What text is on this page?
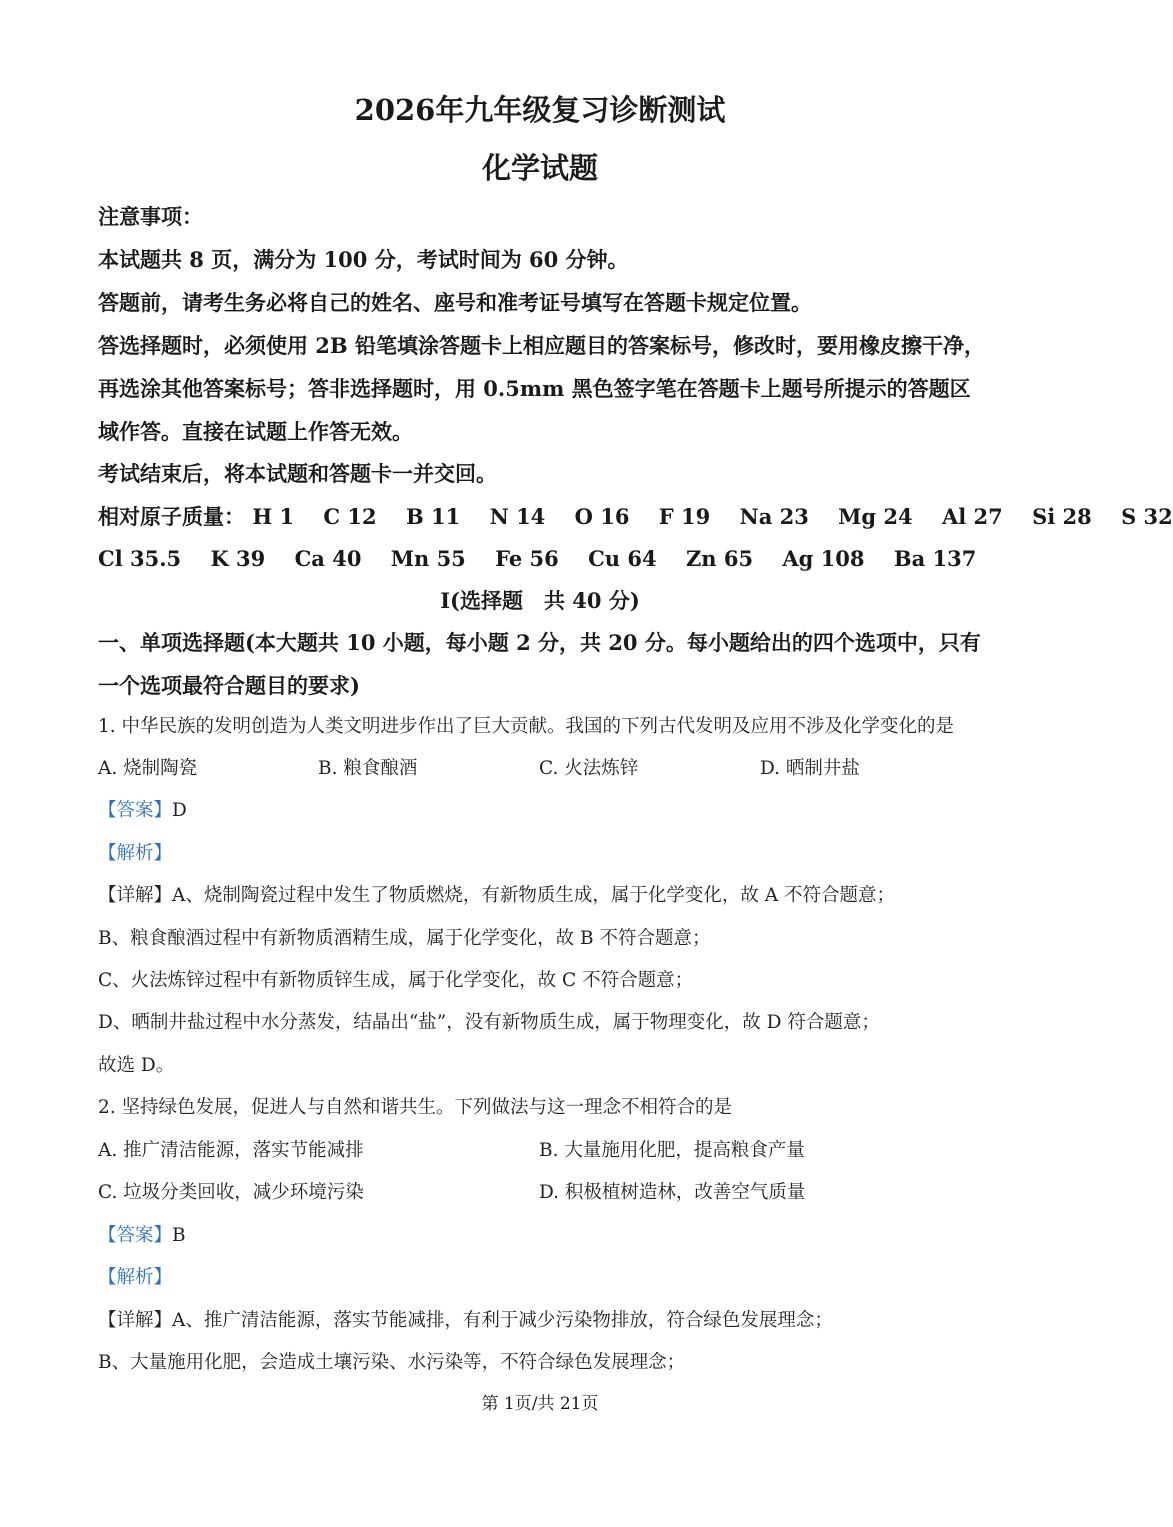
2026年九年级复习诊断测试
化学试题
注意事项：
本试题共 8 页，满分为 100 分，考试时间为 60 分钟。
答题前，请考生务必将自己的姓名、座号和准考证号填写在答题卡规定位置。
答选择题时，必须使用 2B 铅笔填涂答题卡上相应题目的答案标号，修改时，要用橡皮擦干净，
再选涂其他答案标号；答非选择题时，用 0.5mm 黑色签字笔在答题卡上题号所提示的答题区
域作答。直接在试题上作答无效。
考试结束后，将本试题和答题卡一并交回。
相对原子质量： H 1 C 12 B 11 N 14 O 16 F 19 Na 23 Mg 24 Al 27 Si 28 S 32
Cl 35.5 K 39 Ca 40 Mn 55 Fe 56 Cu 64 Zn 65 Ag 108 Ba 137
I(选择题　共 40 分)
一、单项选择题(本大题共 10 小题，每小题 2 分，共 20 分。每小题给出的四个选项中，只有
一个选项最符合题目的要求)
1. 中华民族的发明创造为人类文明进步作出了巨大贡献。我国的下列古代发明及应用不涉及化学变化的是
A. 烧制陶瓷	B. 粮食酿酒	C. 火法炼锌	D. 晒制井盐
【答案】D
【解析】
【详解】A、烧制陶瓷过程中发生了物质燃烧，有新物质生成，属于化学变化，故 A 不符合题意；
B、粮食酿酒过程中有新物质酒精生成，属于化学变化，故 B 不符合题意；
C、火法炼锌过程中有新物质锌生成，属于化学变化，故 C 不符合题意；
D、晒制井盐过程中水分蒸发，结晶出“盐”，没有新物质生成，属于物理变化，故 D 符合题意；
故选 D。
2. 坚持绿色发展，促进人与自然和谐共生。下列做法与这一理念不相符合的是
A. 推广清洁能源，落实节能减排	B. 大量施用化肥，提高粮食产量
C. 垃圾分类回收，减少环境污染	D. 积极植树造林，改善空气质量
【答案】B
【解析】
【详解】A、推广清洁能源，落实节能减排，有利于减少污染物排放，符合绿色发展理念；
B、大量施用化肥，会造成土壤污染、水污染等，不符合绿色发展理念；
第 1页/共 21页
